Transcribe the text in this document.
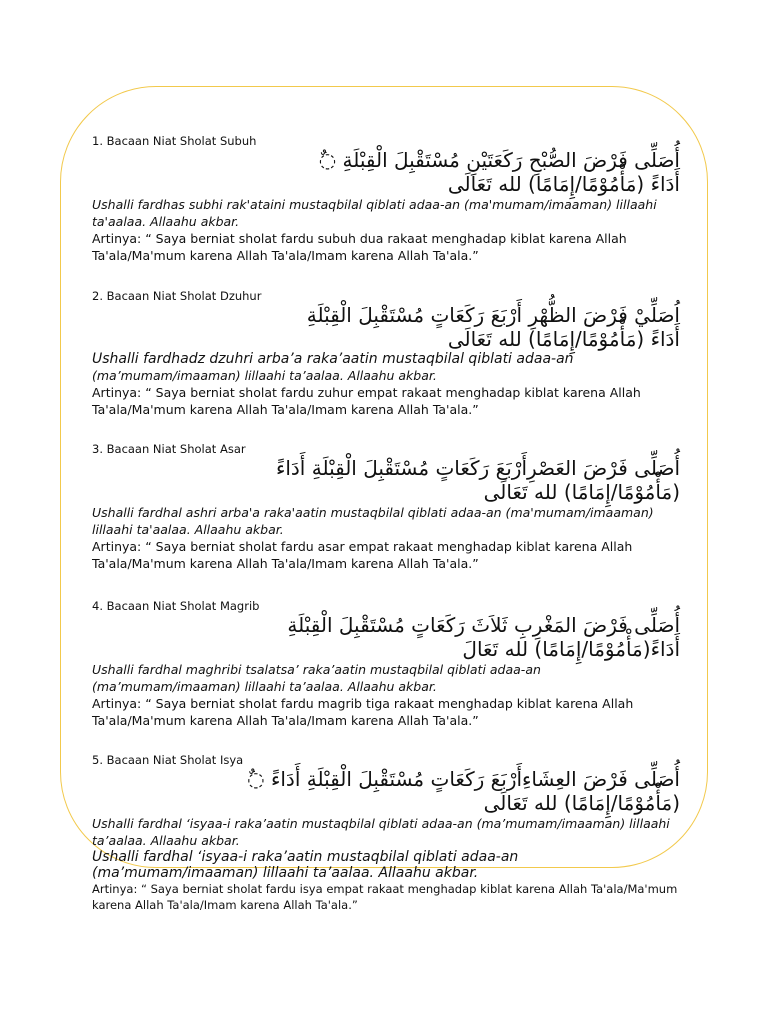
1. Bacaan Niat Sholat Subuh

أُصَلِّى فَرْضَ الصُّبْحِ رَكَعَتَيْنِ مُسْتَقْبِلَ الْقِبْلَةِ ◌ٌ

أَدَاءً (مَأْمُوْمًا/إِمَامًا) لله تَعَالَى

Ushalli fardhas subhi rak'ataini mustaqbilal qiblati adaa-an (ma'mumam/imaaman) lillaahi ta'aalaa. Allaahu akbar.

Artinya: “ Saya berniat sholat fardu subuh dua rakaat menghadap kiblat karena Allah Ta'ala/Ma'mum karena Allah Ta'ala/Imam karena Allah Ta'ala.”

2. Bacaan Niat Sholat Dzuhur

اُصَلِّيْ فَرْضَ الظُّهْرِ أَرْبَعَ رَكَعَاتٍ مُسْتَقْبِلَ الْقِبْلَةِ

أَدَاءً (مَأْمُوْمًا/إِمَامًا) لله تَعَالَى

Ushalli fardhadz dzuhri arba’a raka’aatin mustaqbilal qiblati adaa-an

(ma’mumam/imaaman) lillaahi ta’aalaa. Allaahu akbar.

Artinya: “ Saya berniat sholat fardu zuhur empat rakaat menghadap kiblat karena Allah Ta'ala/Ma'mum karena Allah Ta'ala/Imam karena Allah Ta'ala.”

3. Bacaan Niat Sholat Asar

أُصَلِّى فَرْضَ العَصْرِأَرْبَعَ رَكَعَاتٍ مُسْتَقْبِلَ الْقِبْلَةِ أَدَاءً

(مَأْمُوْمًا/إِمَامًا) لله تَعَالَى

Ushalli fardhal ashri arba'a raka'aatin mustaqbilal qiblati adaa-an (ma'mumam/imaaman) lillaahi ta'aalaa. Allaahu akbar.

Artinya: “ Saya berniat sholat fardu asar empat rakaat menghadap kiblat karena Allah Ta'ala/Ma'mum karena Allah Ta'ala/Imam karena Allah Ta'ala.”

4. Bacaan Niat Sholat Magrib

أُصَلِّى فَرْضَ المَغْرِبِ ثَلاَثَ رَكَعَاتٍ مُسْتَقْبِلَ الْقِبْلَةِ

أَدَاءً(مَأْمُوْمًا/إِمَامًا) لله تَعَالَ

Ushalli fardhal maghribi tsalatsa’ raka’aatin mustaqbilal qiblati adaa-an (ma’mumam/imaaman) lillaahi ta’aalaa. Allaahu akbar.

Artinya: “ Saya berniat sholat fardu magrib tiga rakaat menghadap kiblat karena Allah Ta'ala/Ma'mum karena Allah Ta'ala/Imam karena Allah Ta'ala.”

5. Bacaan Niat Sholat Isya

أُصَلِّى فَرْضَ العِشَاءِأَرْبَعَ رَكَعَاتٍ مُسْتَقْبِلَ الْقِبْلَةِ أَدَاءً ◌ٌ

(مَأْمُوْمًا/إِمَامًا) لله تَعَالَى

Ushalli fardhal ‘isyaa-i raka’aatin mustaqbilal qiblati adaa-an (ma’mumam/imaaman) lillaahi ta’aalaa. Allaahu akbar.

Ushalli fardhal ‘isyaa-i raka’aatin mustaqbilal qiblati adaa-an (ma’mumam/imaaman) lillaahi ta’aalaa. Allaahu akbar.

Artinya: “ Saya berniat sholat fardu isya empat rakaat menghadap kiblat karena Allah Ta'ala/Ma'mum karena Allah Ta'ala/Imam karena Allah Ta'ala.”
